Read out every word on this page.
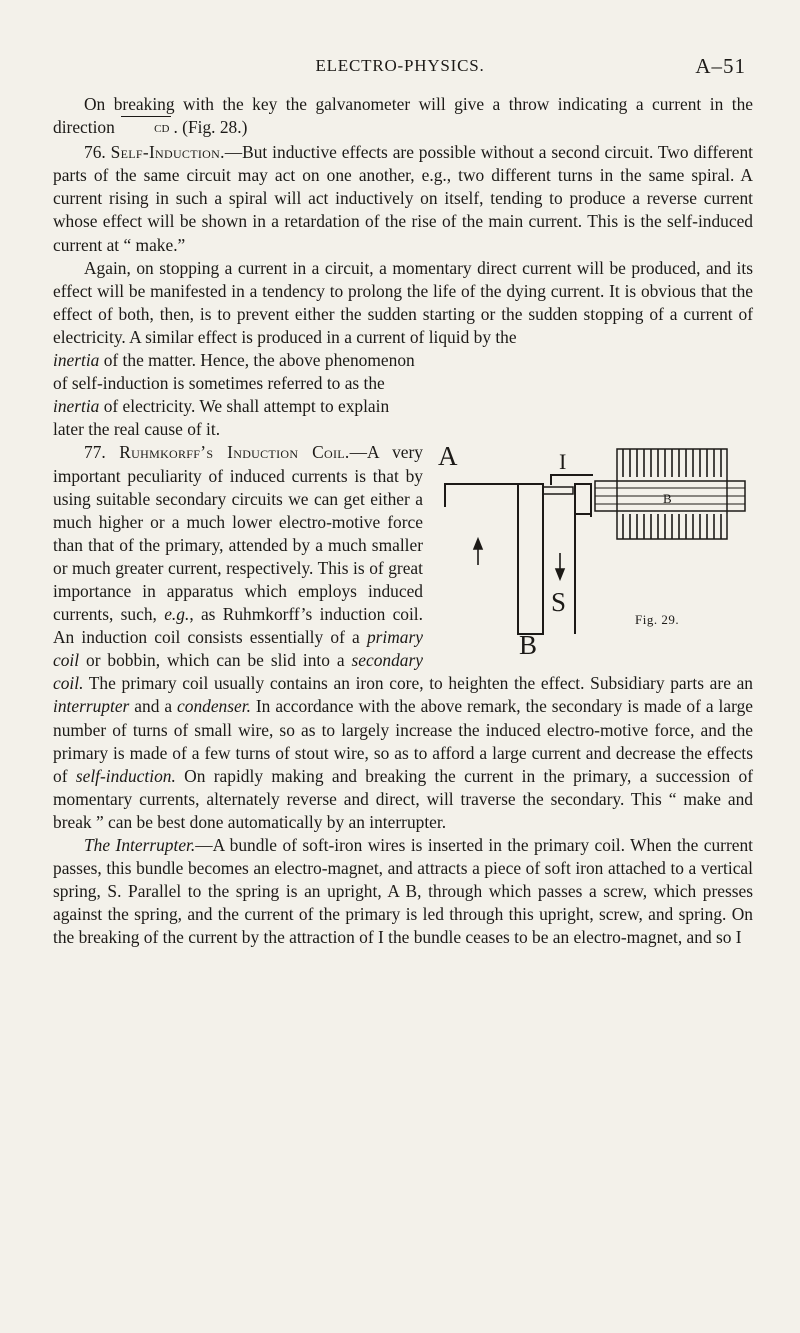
ELECTRO-PHYSICS.	A–51

On breaking with the key the galvanometer will give a throw indicating a current in the direction	CD . (Fig. 28.)

76. Self-Induction.—But inductive effects are possible without a second circuit. Two different parts of the same circuit may act on one another, e.g., two different turns in the same spiral. A current rising in such a spiral will act inductively on itself, tending to produce a reverse current whose effect will be shown in a retardation of the rise of the main current. This is the self-induced current at “ make.”

Again, on stopping a current in a circuit, a momentary direct current will be produced, and its effect will be manifested in a tendency to prolong the life of the dying current. It is obvious that the effect of both, then, is to prevent either the sudden starting or the sudden stopping of a current of electricity. A similar effect is produced in a current of liquid by the

A	I
B
S
B
Fig. 29.
inertia of the matter. Hence, the above phenomenon of self-induction is sometimes referred to as the inertia of electricity. We shall attempt to explain later the real cause of it.

77. Ruhmkorff’s Induction Coil.—A very important peculiarity of induced currents is that by using suitable secondary circuits we can get either a much higher or a much lower electro-motive force than that of the primary, attended by a much smaller or much greater current, respectively. This is of great importance in apparatus which employs induced currents, such, e.g., as Ruhmkorff’s induction coil. An induction coil consists essentially of a primary coil or bobbin, which can be slid into a secondary coil. The primary coil usually contains an iron core, to heighten the effect. Subsidiary parts are an interrupter and a condenser. In accordance with the above remark, the secondary is made of a large number of turns of small wire, so as to largely increase the induced electro-motive force, and the primary is made of a few turns of stout wire, so as to afford a large current and decrease the effects of self-induction. On rapidly making and breaking the current in the primary, a succession of momentary currents, alternately reverse and direct, will traverse the secondary. This “ make and break ” can be best done automatically by an interrupter.

The Interrupter.—A bundle of soft-iron wires is inserted in the primary coil. When the current passes, this bundle becomes an electro-magnet, and attracts a piece of soft iron attached to a vertical spring, S. Parallel to the spring is an upright, A B, through which passes a screw, which presses against the spring, and the current of the primary is led through this upright, screw, and spring. On the breaking of the current by the attraction of I the bundle ceases to be an electro-magnet, and so I
